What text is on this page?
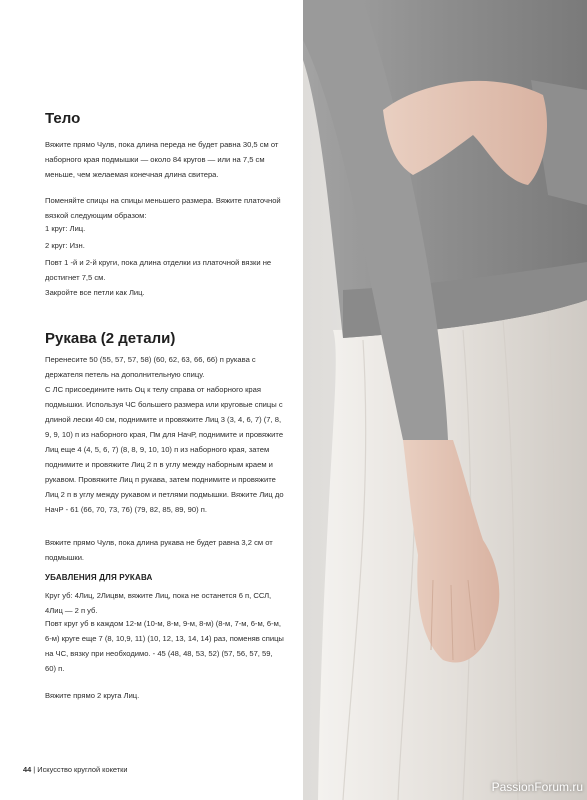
Тело

Вяжите прямо Чулв, пока длина переда не будет равна 30,5 см от наборного края подмышки — около 84 кругов — или на 7,5 см меньше, чем желаемая конечная длина свитера.

Поменяйте спицы на спицы меньшего размера. Вяжите платочной вязкой следующим образом:

1 круг: Лиц.

2 круг: Изн.

Повт 1 -й и 2-й круги, пока длина отделки из платочной вязки не достигнет 7,5 см.

Закройте все петли как Лиц.

Рукава (2 детали)

Перенесите 50 (55, 57, 57, 58) (60, 62, 63, 66, 66) п рукава с держателя петель на дополнительную спицу.

С ЛС присоедините нить Оц к телу справа от наборного края подмышки. Используя ЧС большего размера или круговые спицы с длиной лески 40 см, поднимите и провяжите Лиц 3 (3, 4, 6, 7) (7, 8, 9, 9, 10) п из наборного края, Пм для НачР, поднимите и провяжите Лиц еще 4 (4, 5, 6, 7) (8, 8, 9, 10, 10) п из наборного края, затем поднимите и провяжите Лиц 2 п в углу между наборным краем и рукавом. Провяжите Лиц п рукава, затем поднимите и провяжите Лиц 2 п в углу между рукавом и петлями подмышки. Вяжите Лиц до НачР - 61 (66, 70, 73, 76) (79, 82, 85, 89, 90) п.

Вяжите прямо Чулв, пока длина рукава не будет равна 3,2 см от подмышки.

УБАВЛЕНИЯ ДЛЯ РУКАВА

Круг уб: 4Лиц, 2Лицвм, вяжите Лиц, пока не останется 6 п, ССЛ, 4Лиц — 2 п уб.

Повт круг уб в каждом 12-м (10-м, 8-м, 9-м, 8-м) (8-м, 7-м, 6-м, 6-м, 6-м) круге еще 7 (8, 10,9, 11) (10, 12, 13, 14, 14) раз, поменяв спицы на ЧС, вязку при необходимо. - 45 (48, 48, 53, 52) (57, 56, 57, 59, 60) п.

Вяжите прямо 2 круга Лиц.

44 | Искусство круглой кокетки
PassionForum.ru
